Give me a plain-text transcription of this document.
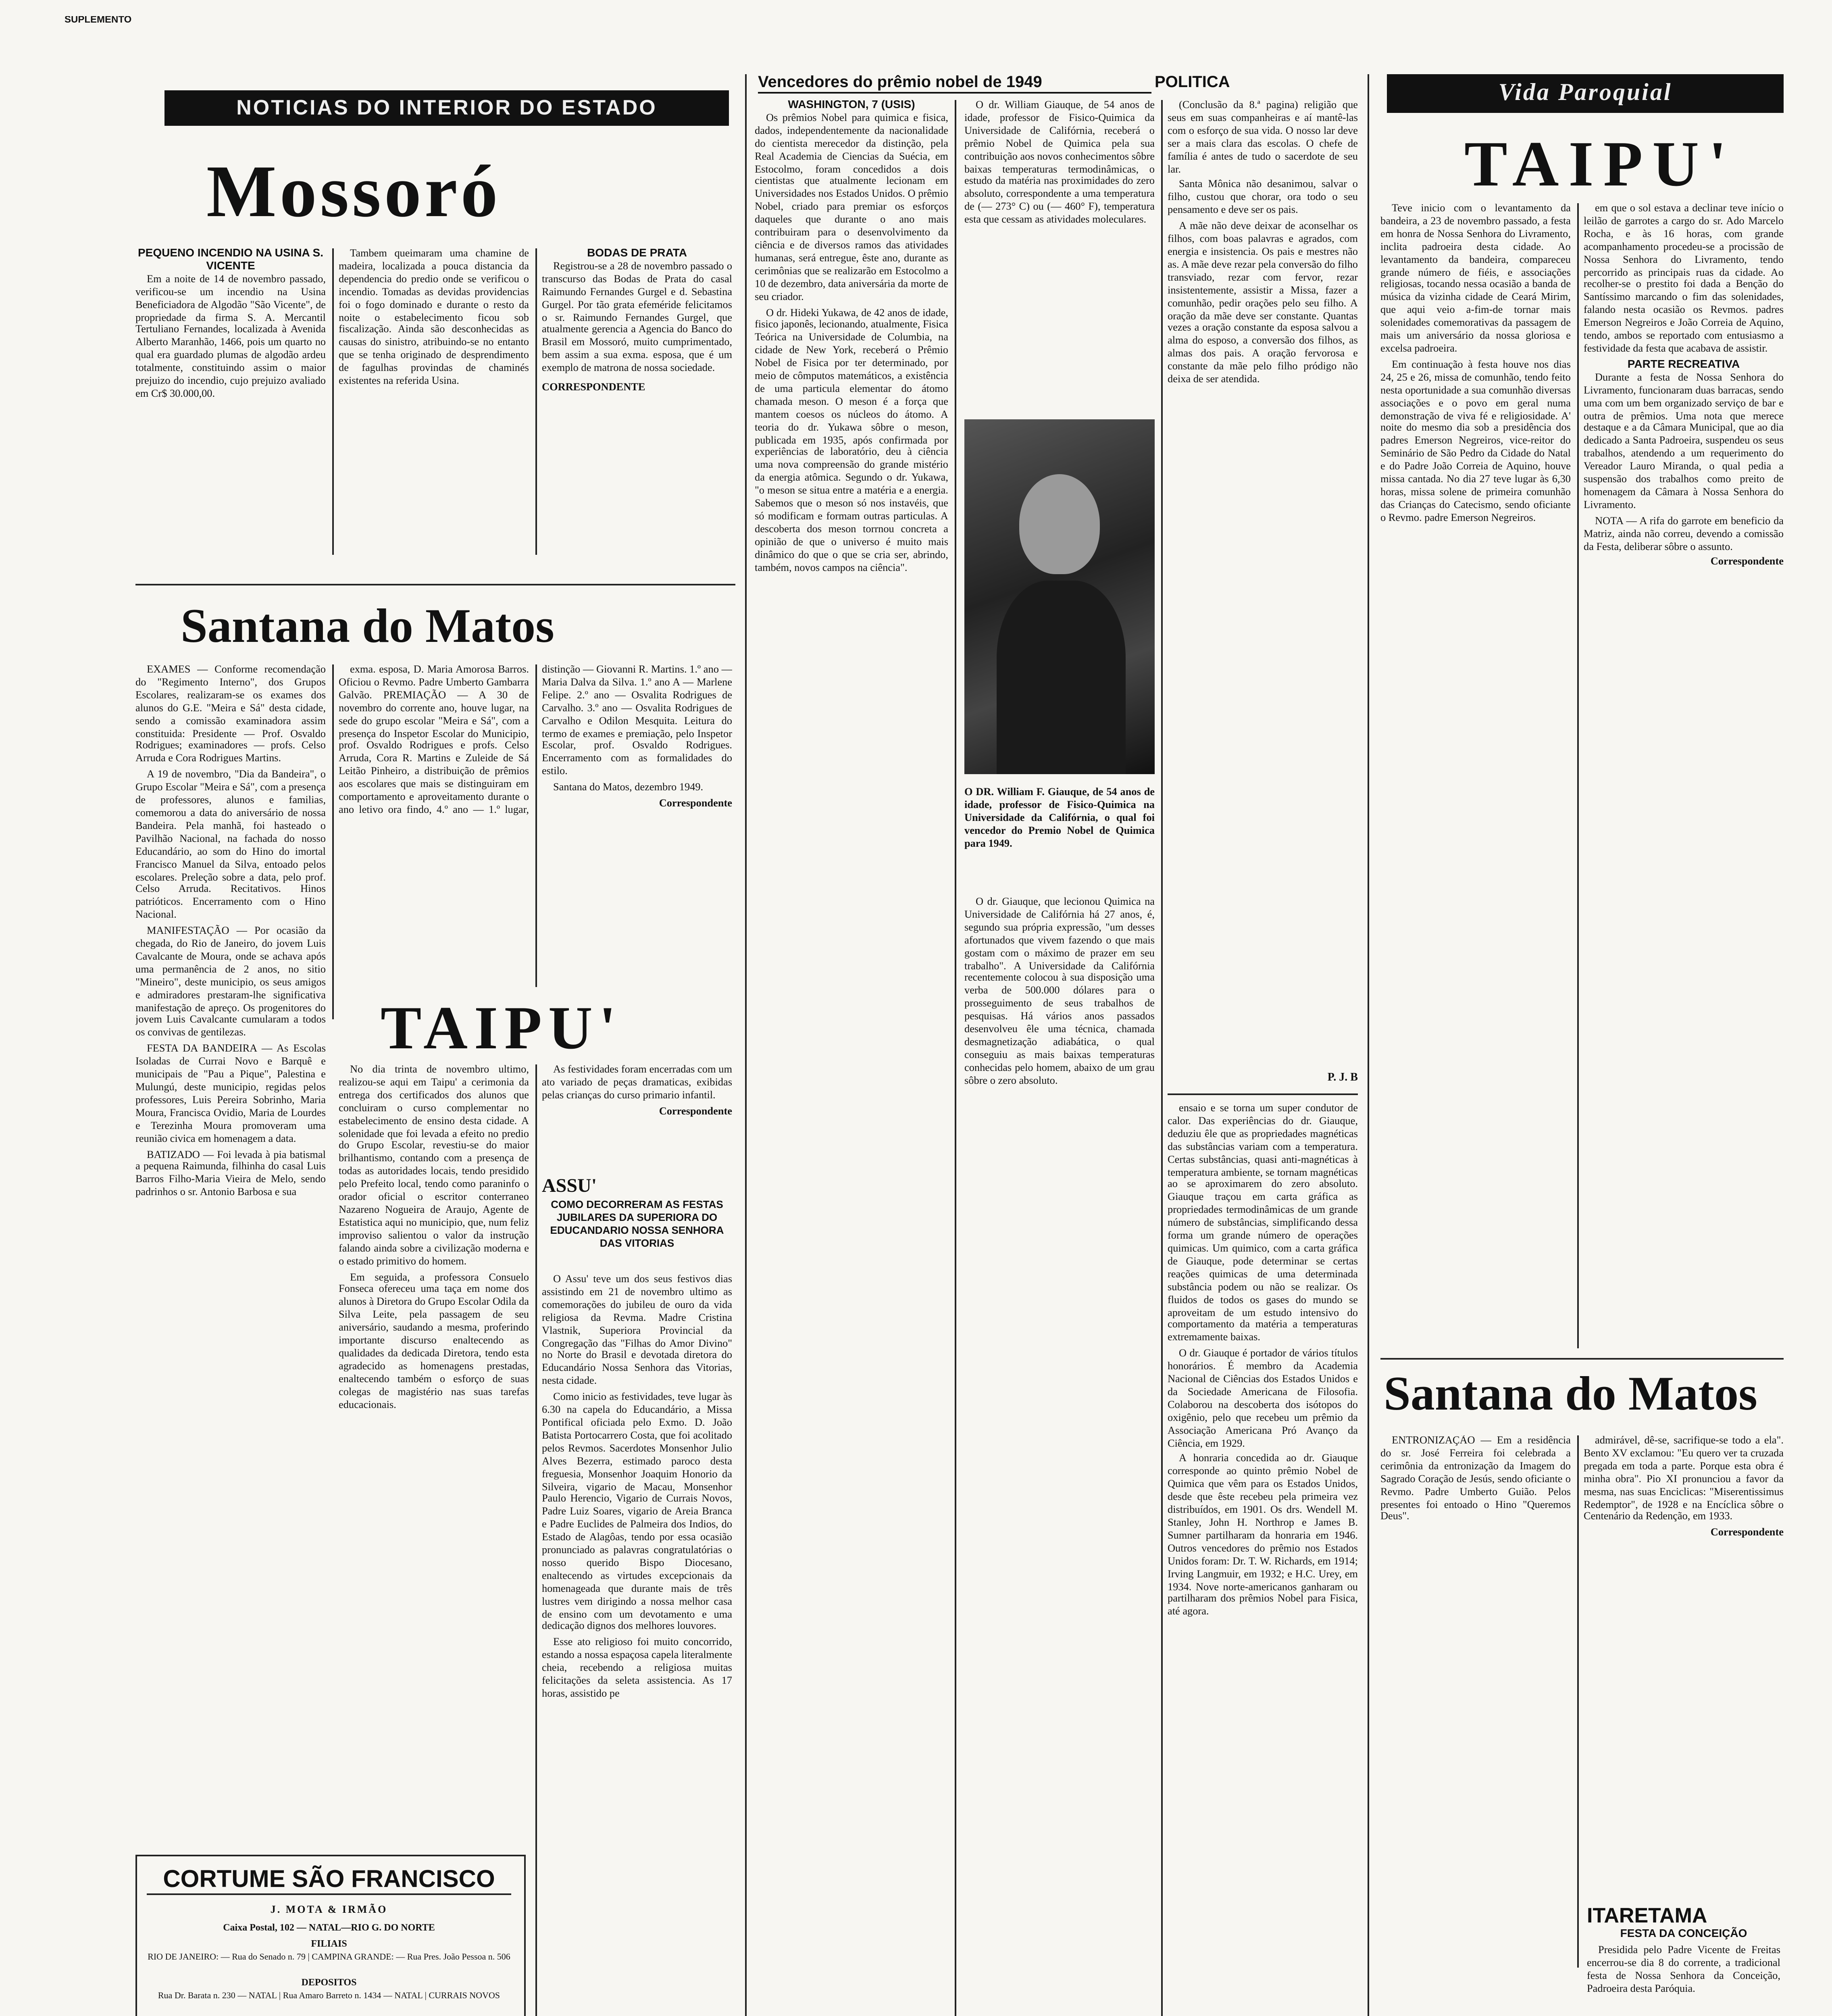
SUPLEMENTO
NOTICIAS DO INTERIOR DO ESTADO
Vencedores do prêmio nobel de 1949	POLITICA	Vida Paroquial
Mossoró
PEQUENO INCENDIO NA USINA S. VICENTE

Em a noite de 14 de novembro passado, verificou-se um incendio na Usina Beneficiadora de Algodão "São Vicente", de propriedade da firma S. A. Mercantil Tertuliano Fernandes, localizada à Avenida Alberto Maranhão, 1466, pois um quarto no qual era guardado plumas de algodão ardeu totalmente, constituindo assim o maior prejuizo do incendio, cujo prejuizo avaliado em Cr$ 30.000,00.

Tambem queimaram uma chamine de madeira, localizada a pouca distancia da dependencia do predio onde se verificou o incendio. Tomadas as devidas providencias foi o fogo dominado e durante o resto da noite o estabelecimento ficou sob fiscalização. Ainda são desconhecidas as causas do sinistro, atribuindo-se no entanto que se tenha originado de desprendimento de fagulhas provindas de chaminés existentes na referida Usina.

BODAS DE PRATA

Registrou-se a 28 de novembro passado o transcurso das Bodas de Prata do casal Raimundo Fernandes Gurgel e d. Sebastina Gurgel. Por tão grata efeméride felicitamos o sr. Raimundo Fernandes Gurgel, que atualmente gerencia a Agencia do Banco do Brasil em Mossoró, muito cumprimentado, bem assim a sua exma. esposa, que é um exemplo de matrona de nossa sociedade.

CORRESPONDENTE
Santana do Matos

EXAMES — Conforme recomendação do "Regimento Interno", dos Grupos Escolares, realizaram-se os exames dos alunos do G.E. "Meira e Sá" desta cidade, sendo a comissão examinadora assim constituida: Presidente — Prof. Osvaldo Rodrigues; examinadores — profs. Celso Arruda e Cora Rodrigues Martins.

A 19 de novembro, "Dia da Bandeira", o Grupo Escolar "Meira e Sá", com a presença de professores, alunos e familias, comemorou a data do aniversário de nossa Bandeira. Pela manhã, foi hasteado o Pavilhão Nacional, na fachada do nosso Educandário, ao som do Hino do imortal Francisco Manuel da Silva, entoado pelos escolares. Preleção sobre a data, pelo prof. Celso Arruda. Recitativos. Hinos patrióticos. Encerramento com o Hino Nacional.

MANIFESTAÇÃO — Por ocasião da chegada, do Rio de Janeiro, do jovem Luis Cavalcante de Moura, onde se achava após uma permanência de 2 anos, no sitio "Mineiro", deste municipio, os seus amigos e admiradores prestaram-lhe significativa manifestação de apreço. Os progenitores do jovem Luis Cavalcante cumularam a todos os convivas de gentilezas.

FESTA DA BANDEIRA — As Escolas Isoladas de Currai Novo e Barquê e municipais de "Pau a Pique", Palestina e Mulungú, deste municipio, regidas pelos professores, Luis Pereira Sobrinho, Maria Moura, Francisca Ovidio, Maria de Lourdes e Terezinha Moura promoveram uma reunião civica em homenagem a data.

BATIZADO — Foi levada à pia batismal a pequena Raimunda, filhinha do casal Luis Barros Filho-Maria Vieira de Melo, sendo padrinhos o sr. Antonio Barbosa e sua

exma. esposa, D. Maria Amorosa Barros. Oficiou o Revmo. Padre Umberto Gambarra Galvão. PREMIAÇÃO — A 30 de novembro do corrente ano, houve lugar, na sede do grupo escolar "Meira e Sá", com a presença do Inspetor Escolar do Municipio, prof. Osvaldo Rodrigues e profs. Celso Arruda, Cora R. Martins e Zuleide de Sá Leitão Pinheiro, a distribuição de prêmios aos escolares que mais se distinguiram em comportamento e aproveitamento durante o ano letivo ora findo, 4.º ano — 1.º lugar, distinção — Giovanni R. Martins. 1.º ano — Maria Dalva da Silva. 1.º ano A — Marlene Felipe. 2.º ano — Osvalita Rodrigues de Carvalho. 3.º ano — Osvalita Rodrigues de Carvalho e Odilon Mesquita. Leitura do termo de exames e premiação, pelo Inspetor Escolar, prof. Osvaldo Rodrigues. Encerramento com as formalidades do estilo.

Santana do Matos, dezembro 1949.

Correspondente
TAIPU'

No dia trinta de novembro ultimo, realizou-se aqui em Taipu' a cerimonia da entrega dos certificados dos alunos que concluiram o curso complementar no estabelecimento de ensino desta cidade. A solenidade que foi levada a efeito no predio do Grupo Escolar, revestiu-se do maior brilhantismo, contando com a presença de todas as autoridades locais, tendo presidido pelo Prefeito local, tendo como paraninfo o orador oficial o escritor conterraneo Nazareno Nogueira de Araujo, Agente de Estatistica aqui no municipio, que, num feliz improviso salientou o valor da instrução falando ainda sobre a civilização moderna e o estado primitivo do homem.

Em seguida, a professora Consuelo Fonseca ofereceu uma taça em nome dos alunos à Diretora do Grupo Escolar Odila da Silva Leite, pela passagem de seu aniversário, saudando a mesma, proferindo importante discurso enaltecendo as qualidades da dedicada Diretora, tendo esta agradecido as homenagens prestadas, enaltecendo também o esforço de suas colegas de magistério nas suas tarefas educacionais.

As festividades foram encerradas com um ato variado de peças dramaticas, exibidas pelas crianças do curso primario infantil.

Correspondente
ASSU'
COMO DECORRERAM AS FESTAS JUBILARES DA SUPERIORA DO EDUCANDARIO NOSSA SENHORA DAS VITORIAS

O Assu' teve um dos seus festivos dias assistindo em 21 de novembro ultimo as comemorações do jubileu de ouro da vida religiosa da Revma. Madre Cristina Vlastnik, Superiora Provincial da Congregação das "Filhas do Amor Divino" no Norte do Brasil e devotada diretora do Educandário Nossa Senhora das Vitorias, nesta cidade.

Como inicio as festividades, teve lugar às 6.30 na capela do Educandário, a Missa Pontifical oficiada pelo Exmo. D. João Batista Portocarrero Costa, que foi acolitado pelos Revmos. Sacerdotes Monsenhor Julio Alves Bezerra, estimado paroco desta freguesia, Monsenhor Joaquim Honorio da Silveira, vigario de Macau, Monsenhor Paulo Herencio, Vigario de Currais Novos, Padre Luiz Soares, vigario de Areia Branca e Padre Euclides de Palmeira dos Indios, do Estado de Alagôas, tendo por essa ocasião pronunciado as palavras congratulatórias o nosso querido Bispo Diocesano, enaltecendo as virtudes excepcionais da homenageada que durante mais de três lustres vem dirigindo a nossa melhor casa de ensino com um devotamento e uma dedicação dignos dos melhores louvores.

Esse ato religioso foi muito concorrido, estando a nossa espaçosa capela literalmente cheia, recebendo a religiosa muitas felicitações da seleta assistencia. As 17 horas, assistido pe

CORTUME SÃO FRANCISCO
J. MOTA & IRMÃO
Caixa Postal, 102 — NATAL—RIO G. DO NORTE
FILIAIS
RIO DE JANEIRO: — Rua do Senado n. 79 | CAMPINA GRANDE: — Rua Pres. João Pessoa n. 506
DEPOSITOS
Rua Dr. Barata n. 230 — NATAL | Rua Amaro Barreto n. 1434 — NATAL | CURRAIS NOVOS
WASHINGTON, 7 (USIS)

Os prêmios Nobel para quimica e fisica, dados, independentemente da nacionalidade do cientista merecedor da distinção, pela Real Academia de Ciencias da Suécia, em Estocolmo, foram concedidos a dois cientistas que atualmente lecionam em Universidades nos Estados Unidos. O prêmio Nobel, criado para premiar os esforços daqueles que durante o ano mais contribuiram para o desenvolvimento da ciência e de diversos ramos das atividades humanas, será entregue, êste ano, durante as cerimônias que se realizarão em Estocolmo a 10 de dezembro, data aniversária da morte de seu criador.

O dr. Hideki Yukawa, de 42 anos de idade, fisico japonês, lecionando, atualmente, Fisica Teórica na Universidade de Columbia, na cidade de New York, receberá o Prêmio Nobel de Fisica por ter determinado, por meio de cômputos matemáticos, a existência de uma particula elementar do átomo chamada meson. O meson é a força que mantem coesos os núcleos do átomo. A teoria do dr. Yukawa sôbre o meson, publicada em 1935, após confirmada por experiências de laboratório, deu à ciência uma nova compreensão do grande mistério da energia atômica. Segundo o dr. Yukawa, "o meson se situa entre a matéria e a energia. Sabemos que o meson só nos instavéis, que só modificam e formam outras particulas. A descoberta dos meson torrnou concreta a opinião de que o universo é muito mais dinâmico do que o que se cria ser, abrindo, também, novos campos na ciência".

O DR. William F. Giauque, de 54 anos de idade, professor de Fisico-Quimica na Universidade da Califórnia, o qual foi vencedor do Premio Nobel de Quimica para 1949.

O dr. William Giauque, de 54 anos de idade, professor de Fisico-Quimica da Universidade de Califórnia, receberá o prêmio Nobel de Quimica pela sua contribuição aos novos conhecimentos sôbre baixas temperaturas termodinâmicas, o estudo da matéria nas proximidades do zero absoluto, correspondente a uma temperatura de (— 273° C) ou (— 460° F), temperatura esta que cessam as atividades moleculares.

O dr. Giauque, que lecionou Quimica na Universidade de Califórnia há 27 anos, é, segundo sua própria expressão, "um desses afortunados que vivem fazendo o que mais gostam com o máximo de prazer em seu trabalho". A Universidade da Califórnia recentemente colocou à sua disposição uma verba de 500.000 dólares para o prosseguimento de seus trabalhos de pesquisas. Há vários anos passados desenvolveu êle uma técnica, chamada desmagnetização adiabática, o qual conseguiu as mais baixas temperaturas conhecidas pelo homem, abaixo de um grau sôbre o zero absoluto.

(Conclusão da 8.ª pagina) religião que seus em suas companheiras e aí mantê-las com o esforço de sua vida. O nosso lar deve ser a mais clara das escolas. O chefe de família é antes de tudo o sacerdote de seu lar.

Santa Mônica não desanimou, salvar o filho, custou que chorar, ora todo o seu pensamento e deve ser os pais.

A mãe não deve deixar de aconselhar os filhos, com boas palavras e agrados, com energia e insistencia. Os pais e mestres não as. A mãe deve rezar pela conversão do filho transviado, rezar com fervor, rezar insistentemente, assistir a Missa, fazer a comunhão, pedir orações pelo seu filho. A oração da mãe deve ser constante. Quantas vezes a oração constante da esposa salvou a alma do esposo, a conversão dos filhos, as almas dos pais. A oração fervorosa e constante da mãe pelo filho pródigo não deixa de ser atendida.

P. J. B

ensaio e se torna um super condutor de calor. Das experiências do dr. Giauque, deduziu êle que as propriedades magnéticas das substâncias variam com a temperatura. Certas substâncias, quasi anti-magnéticas à temperatura ambiente, se tornam magnéticas ao se aproximarem do zero absoluto. Giauque traçou em carta gráfica as propriedades termodinâmicas de um grande número de substâncias, simplificando dessa forma um grande número de operações quimicas. Um quimico, com a carta gráfica de Giauque, pode determinar se certas reações quimicas de uma determinada substância podem ou não se realizar. Os fluidos de todos os gases do mundo se aproveitam de um estudo intensivo do comportamento da matéria a temperaturas extremamente baixas.

O dr. Giauque é portador de vários títulos honorários. É membro da Academia Nacional de Ciências dos Estados Unidos e da Sociedade Americana de Filosofia. Colaborou na descoberta dos isótopos do oxigênio, pelo que recebeu um prêmio da Associação Americana Pró Avanço da Ciência, em 1929.

A honraria concedida ao dr. Giauque corresponde ao quinto prêmio Nobel de Quimica que vêm para os Estados Unidos, desde que êste recebeu pela primeira vez distribuídos, em 1901. Os drs. Wendell M. Stanley, John H. Northrop e James B. Sumner partilharam da honraria em 1946. Outros vencedores do prêmio nos Estados Unidos foram: Dr. T. W. Richards, em 1914; Irving Langmuir, em 1932; e H.C. Urey, em 1934. Nove norte-americanos ganharam ou partilharam dos prêmios Nobel para Fisica, até agora.

TAIPU'

Teve inicio com o levantamento da bandeira, a 23 de novembro passado, a festa em honra de Nossa Senhora do Livramento, inclita padroeira desta cidade. Ao levantamento da bandeira, compareceu grande número de fiéis, e associações religiosas, tocando nessa ocasião a banda de música da vizinha cidade de Ceará Mirim, que aqui veio a-fim-de tornar mais solenidades comemorativas da passagem de mais um aniversário da nossa gloriosa e excelsa padroeira.

Em continuação à festa houve nos dias 24, 25 e 26, missa de comunhão, tendo feito nesta oportunidade a sua comunhão diversas associações e o povo em geral numa demonstração de viva fé e religiosidade. A' noite do mesmo dia sob a presidência dos padres Emerson Negreiros, vice-reitor do Seminário de São Pedro da Cidade do Natal e do Padre João Correia de Aquino, houve missa cantada. No dia 27 teve lugar às 6,30 horas, missa solene de primeira comunhão das Crianças do Catecismo, sendo oficiante o Revmo. padre Emerson Negreiros.

em que o sol estava a declinar teve início o leilão de garrotes a cargo do sr. Ado Marcelo Rocha, e às 16 horas, com grande acompanhamento procedeu-se a procissão de Nossa Senhora do Livramento, tendo percorrido as principais ruas da cidade. Ao recolher-se o prestito foi dada a Benção do Santíssimo marcando o fim das solenidades, falando nesta ocasião os Revmos. padres Emerson Negreiros e João Correia de Aquino, tendo, ambos se reportado com entusiasmo a festividade da festa que acabava de assistir.

PARTE RECREATIVA

Durante a festa de Nossa Senhora do Livramento, funcionaram duas barracas, sendo uma com um bem organizado serviço de bar e outra de prêmios. Uma nota que merece destaque e a da Câmara Municipal, que ao dia dedicado a Santa Padroeira, suspendeu os seus trabalhos, atendendo a um requerimento do Vereador Lauro Miranda, o qual pedia a suspensão dos trabalhos como preito de homenagem da Câmara à Nossa Senhora do Livramento.

NOTA — A rifa do garrote em beneficio da Matriz, ainda não correu, devendo a comissão da Festa, deliberar sôbre o assunto.

Correspondente
Santana do Matos

ENTRONIZAÇÃO — Em a residência do sr. José Ferreira foi celebrada a cerimônia da entronização da Imagem do Sagrado Coração de Jesús, sendo oficiante o Revmo. Padre Umberto Guião. Pelos presentes foi entoado o Hino "Queremos Deus".

admirável, dê-se, sacrifique-se todo a ela". Bento XV exclamou: "Eu quero ver ta cruzada pregada em toda a parte. Porque esta obra é minha obra". Pio XI pronunciou a favor da mesma, nas suas Enciclicas: "Miserentissimus Redemptor", de 1928 e na Encíclica sôbre o Centenário da Redenção, em 1933.

Correspondente
ITARETAMA
FESTA DA CONCEIÇÃO

Presidida pelo Padre Vicente de Freitas encerrou-se dia 8 do corrente, a tradicional festa de Nossa Senhora da Conceição, Padroeira desta Paróquia.
